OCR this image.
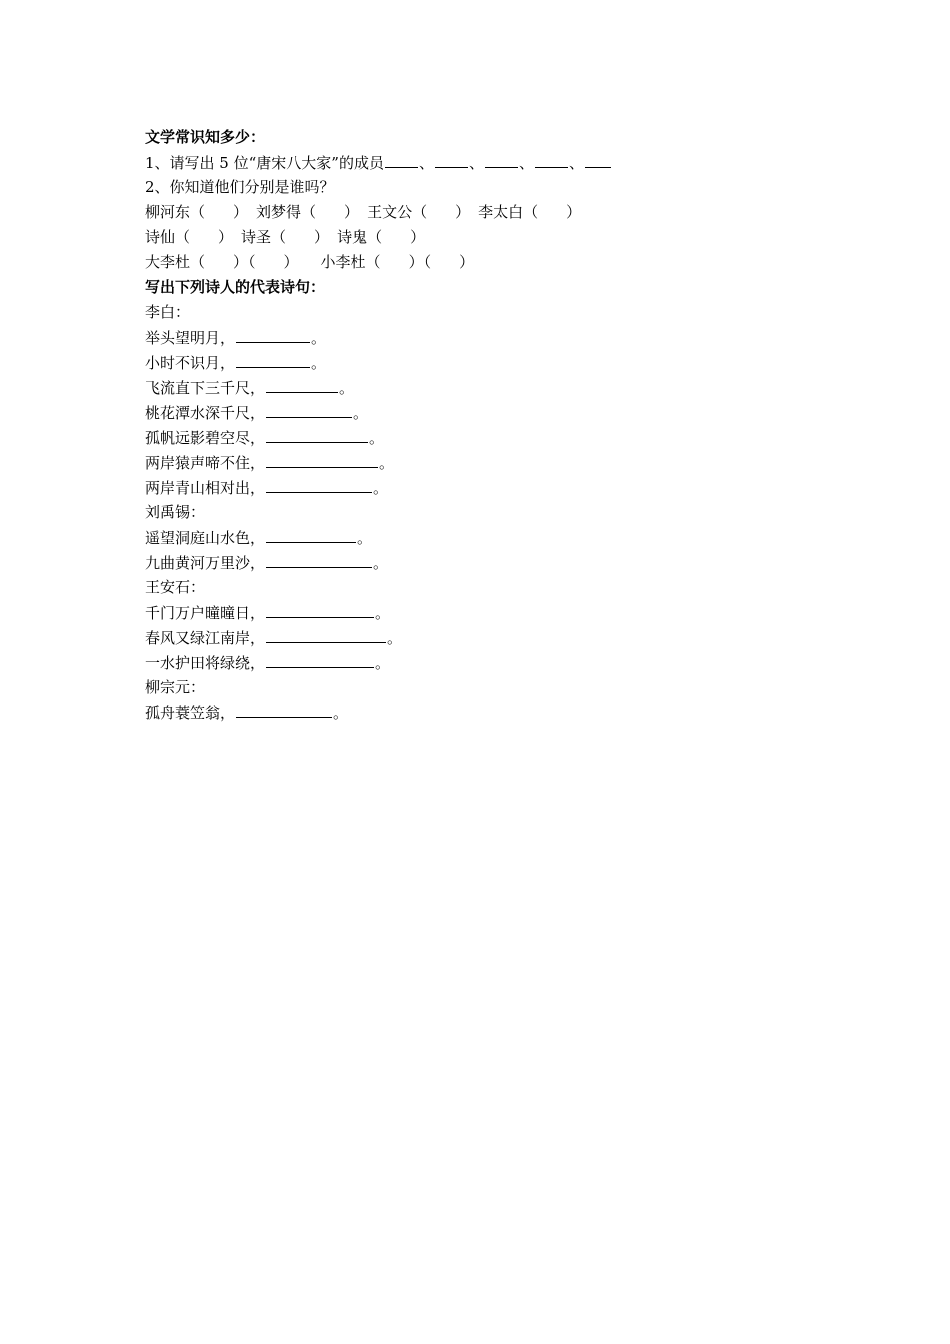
文学常识知多少：
1、请写出 5 位“唐宋八大家”的成员 、 、 、 、
2、你知道他们分别是谁吗？
柳河东（ ） 刘梦得（ ） 王文公（ ） 李太白（ ）
诗仙（ ） 诗圣（ ） 诗鬼（ ）
大李杜（ ）（ ） 小李杜（ ）（ ）
写出下列诗人的代表诗句：
李白：
举头望明月，	。
小时不识月，	。
飞流直下三千尺，	。
桃花潭水深千尺，	。
孤帆远影碧空尽，	。
两岸猿声啼不住，	。
两岸青山相对出，	。
刘禹锡：
遥望洞庭山水色，	。
九曲黄河万里沙，	。
王安石：
千门万户曈曈日，	。
春风又绿江南岸，	。
一水护田将绿绕，	。
柳宗元：
孤舟蓑笠翁，	。
